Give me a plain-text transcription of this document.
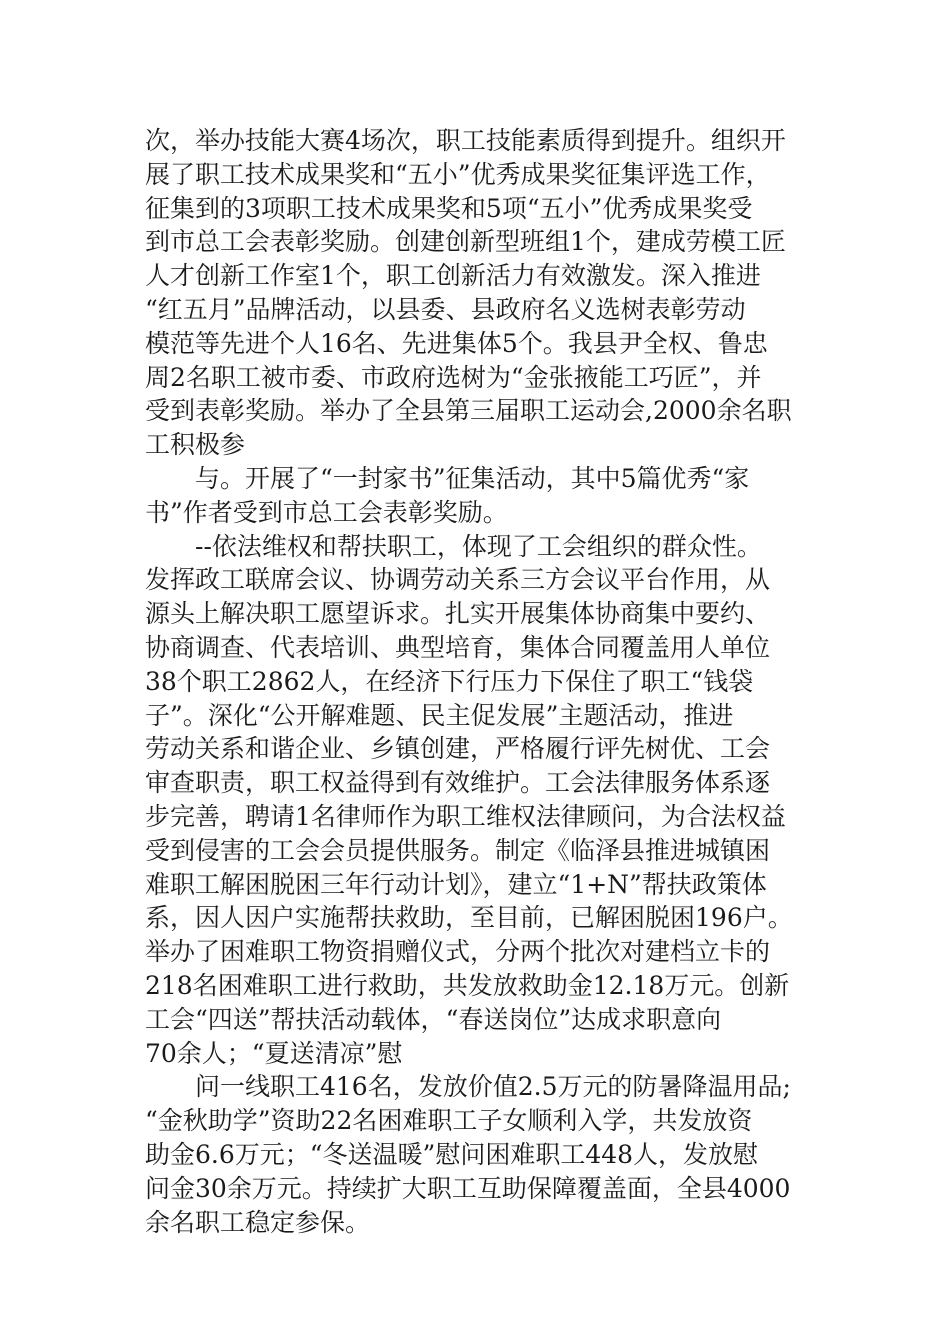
次，举办技能大赛4场次，职工技能素质得到提升。组织开
展了职工技术成果奖和“五小”优秀成果奖征集评选工作，
征集到的3项职工技术成果奖和5项“五小”优秀成果奖受
到市总工会表彰奖励。创建创新型班组1个，建成劳模工匠
人才创新工作室1个，职工创新活力有效激发。深入推进
“红五月”品牌活动，以县委、县政府名义选树表彰劳动
模范等先进个人16名、先进集体5个。我县尹全权、鲁忠
周2名职工被市委、市政府选树为“金张掖能工巧匠”，并
受到表彰奖励。举办了全县第三届职工运动会,2000余名职
工积极参
与。开展了“一封家书”征集活动，其中5篇优秀“家
书”作者受到市总工会表彰奖励。
--依法维权和帮扶职工，体现了工会组织的群众性。
发挥政工联席会议、协调劳动关系三方会议平台作用，从
源头上解决职工愿望诉求。扎实开展集体协商集中要约、
协商调查、代表培训、典型培育，集体合同覆盖用人单位
38个职工2862人，在经济下行压力下保住了职工“钱袋
子”。深化“公开解难题、民主促发展”主题活动，推进
劳动关系和谐企业、乡镇创建，严格履行评先树优、工会
审查职责，职工权益得到有效维护。工会法律服务体系逐
步完善，聘请1名律师作为职工维权法律顾问，为合法权益
受到侵害的工会会员提供服务。制定《临泽县推进城镇困
难职工解困脱困三年行动计划》，建立“1+N”帮扶政策体
系，因人因户实施帮扶救助，至目前，已解困脱困196户。
举办了困难职工物资捐赠仪式，分两个批次对建档立卡的
218名困难职工进行救助，共发放救助金12.18万元。创新
工会“四送”帮扶活动载体，“春送岗位”达成求职意向
70余人；“夏送清凉”慰
问一线职工416名，发放价值2.5万元的防暑降温用品;
“金秋助学”资助22名困难职工子女顺利入学，共发放资
助金6.6万元；“冬送温暖”慰问困难职工448人，发放慰
问金30余万元。持续扩大职工互助保障覆盖面，全县4000
余名职工稳定参保。
